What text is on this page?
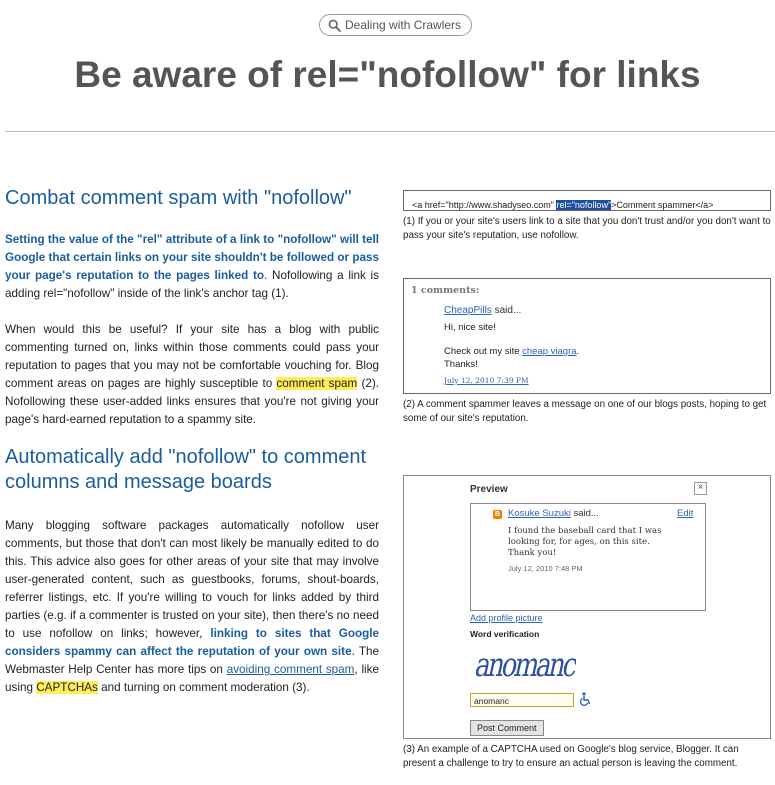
Dealing with Crawlers
Be aware of rel="nofollow" for links
Combat comment spam with "nofollow"

Setting the value of the "rel" attribute of a link to "nofollow" will tell Google that certain links on your site shouldn't be followed or pass your page's reputation to the pages linked to. Nofollowing a link is adding rel="nofollow" inside of the link's anchor tag (1).

When would this be useful? If your site has a blog with public commenting turned on, links within those comments could pass your reputation to pages that you may not be comfortable vouching for. Blog comment areas on pages are highly susceptible to comment spam (2). Nofollowing these user-added links ensures that you're not giving your page's hard-earned reputation to a spammy site.

Automatically add "nofollow" to comment columns and message boards

Many blogging software packages automatically nofollow user comments, but those that don't can most likely be manually edited to do this. This advice also goes for other areas of your site that may involve user-generated content, such as guestbooks, forums, shout-boards, referrer listings, etc. If you're willing to vouch for links added by third parties (e.g. if a commenter is trusted on your site), then there's no need to use nofollow on links; however, linking to sites that Google considers spammy can affect the reputation of your own site. The Webmaster Help Center has more tips on avoiding comment spam, like using CAPTCHAs and turning on comment moderation (3).

<a href="http://www.shadyseo.com" rel="nofollow">Comment spammer</a>
(1) If you or your site's users link to a site that you don't trust and/or you don't want to pass your site's reputation, use nofollow.
1 comments:
CheapPills said...
Hi, nice site!
Check out my site cheap viagra.
Thanks!
July 12, 2010 7:39 PM
(2) A comment spammer leaves a message on one of our blogs posts, hoping to get some of our site's reputation.
Preview	×
B Kosuke Suzuki said...	Edit
I found the baseball card that I was looking for, for ages, on this site. Thank you!
July 12, 2010 7:48 PM
Add profile picture
Word verification
anomanc
anomanc
Post Comment
(3) An example of a CAPTCHA used on Google's blog service, Blogger. It can present a challenge to try to ensure an actual person is leaving the comment.
